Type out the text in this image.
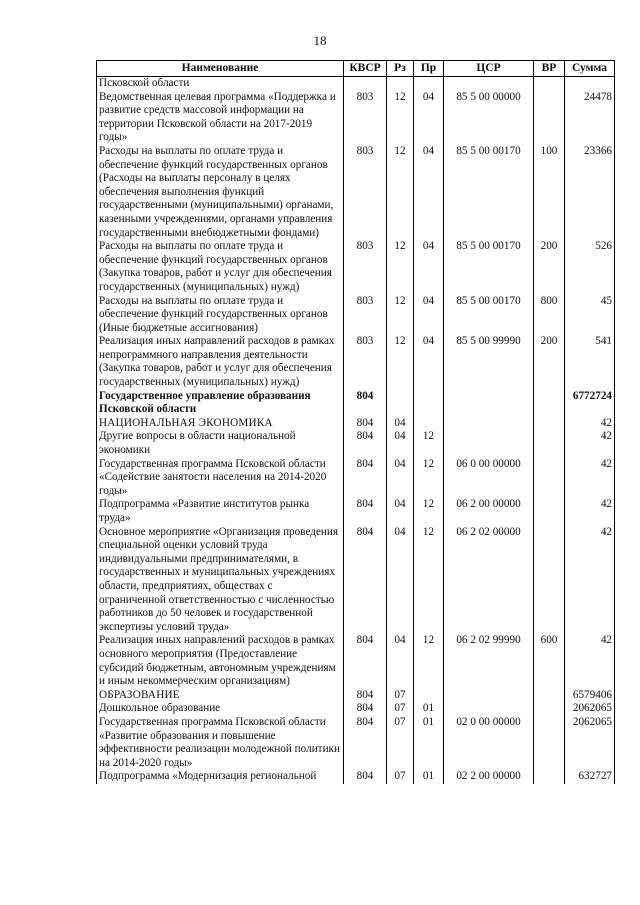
18
Наименование	КВСР	Рз	Пр	ЦСР	ВР	Сумма
Псковской области						
Ведомственная целевая программа «Поддержка и развитие средств массовой информации на территории Псковской области на 2017-2019 годы»	803	12	04	85 5 00 00000		24478
Расходы на выплаты по оплате труда и обеспечение функций государственных органов (Расходы на выплаты персоналу в целях обеспечения выполнения функций государственными (муниципальными) органами, казенными учреждениями, органами управления государственными внебюджетными фондами)	803	12	04	85 5 00 00170	100	23366
Расходы на выплаты по оплате труда и обеспечение функций государственных органов (Закупка товаров, работ и услуг для обеспечения государственных (муниципальных) нужд)	803	12	04	85 5 00 00170	200	526
Расходы на выплаты по оплате труда и обеспечение функций государственных органов (Иные бюджетные ассигнования)	803	12	04	85 5 00 00170	800	45
Реализация иных направлений расходов в рамках непрограммного направления деятельности (Закупка товаров, работ и услуг для обеспечения государственных (муниципальных) нужд)	803	12	04	85 5 00 99990	200	541
Государственное управление образования Псковской области	804					6772724
НАЦИОНАЛЬНАЯ ЭКОНОМИКА	804	04				42
Другие вопросы в области национальной экономики	804	04	12			42
Государственная программа Псковской области «Содействие занятости населения на 2014-2020 годы»	804	04	12	06 0 00 00000		42
Подпрограмма «Развитие институтов рынка труда»	804	04	12	06 2 00 00000		42
Основное мероприятие «Организация проведения специальной оценки условий труда индивидуальными предпринимателями, в государственных и муниципальных учреждениях области, предприятиях, обществах с ограниченной ответственностью с численностью работников до 50 человек и государственной экспертизы условий труда»	804	04	12	06 2 02 00000		42
Реализация иных направлений расходов в рамках основного мероприятия (Предоставление субсидий бюджетным, автономным учреждениям и иным некоммерческим организациям)	804	04	12	06 2 02 99990	600	42
ОБРАЗОВАНИЕ	804	07				6579406
Дошкольное образование	804	07	01			2062065
Государственная программа Псковской области «Развитие образования и повышение эффективности реализации молодежной политики на 2014-2020 годы»	804	07	01	02 0 00 00000		2062065
Подпрограмма «Модернизация региональной	804	07	01	02 2 00 00000		632727
